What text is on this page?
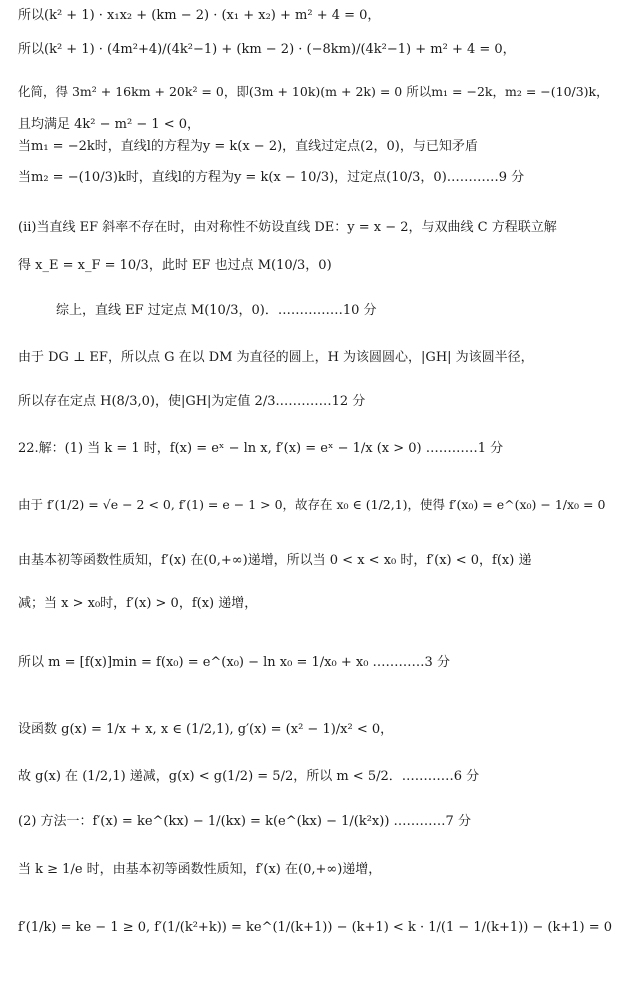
所以(k² + 1) · x₁x₂ + (km − 2) · (x₁ + x₂) + m² + 4 = 0，
所以(k² + 1) · (4m²+4)/(4k²−1) + (km − 2) · (−8km)/(4k²−1) + m² + 4 = 0，
化简，得 3m² + 16km + 20k² = 0，即(3m + 10k)(m + 2k) = 0 所以m₁ = −2k，m₂ = −(10/3)k，
且均满足 4k² − m² − 1 < 0，
当m₁ = −2k时，直线l的方程为y = k(x − 2)，直线过定点(2，0)，与已知矛盾
当m₂ = −(10/3)k时，直线l的方程为y = k(x − 10/3)，过定点(10/3，0)…………9 分
(ii)当直线 EF 斜率不存在时，由对称性不妨设直线 DE：y = x − 2，与双曲线 C 方程联立解
得 x_E = x_F = 10/3，此时 EF 也过点 M(10/3，0)
综上，直线 EF 过定点 M(10/3，0)．……………10 分
由于 DG ⊥ EF，所以点 G 在以 DM 为直径的圆上，H 为该圆圆心，|GH| 为该圆半径，
所以存在定点 H(8/3,0)，使|GH|为定值 2/3.…………12 分
22.解：(1) 当 k = 1 时，f(x) = eˣ − ln x, f′(x) = eˣ − 1/x (x > 0) …………1 分
由于 f′(1/2) = √e − 2 < 0, f′(1) = e − 1 > 0，故存在 x₀ ∈ (1/2,1)，使得 f′(x₀) = e^(x₀) − 1/x₀ = 0
由基本初等函数性质知，f′(x) 在(0,+∞)递增，所以当 0 < x < x₀ 时，f′(x) < 0，f(x) 递
减；当 x > x₀时，f′(x) > 0，f(x) 递增，
所以 m = [f(x)]min = f(x₀) = e^(x₀) − ln x₀ = 1/x₀ + x₀ …………3 分
设函数 g(x) = 1/x + x, x ∈ (1/2,1), g′(x) = (x² − 1)/x² < 0，
故 g(x) 在 (1/2,1) 递减，g(x) < g(1/2) = 5/2，所以 m < 5/2．…………6 分
(2) 方法一：f′(x) = ke^(kx) − 1/(kx) = k(e^(kx) − 1/(k²x)) …………7 分
当 k ≥ 1/e 时，由基本初等函数性质知，f′(x) 在(0,+∞)递增，
f′(1/k) = ke − 1 ≥ 0, f′(1/(k²+k)) = ke^(1/(k+1)) − (k+1) < k · 1/(1 − 1/(k+1)) − (k+1) = 0
